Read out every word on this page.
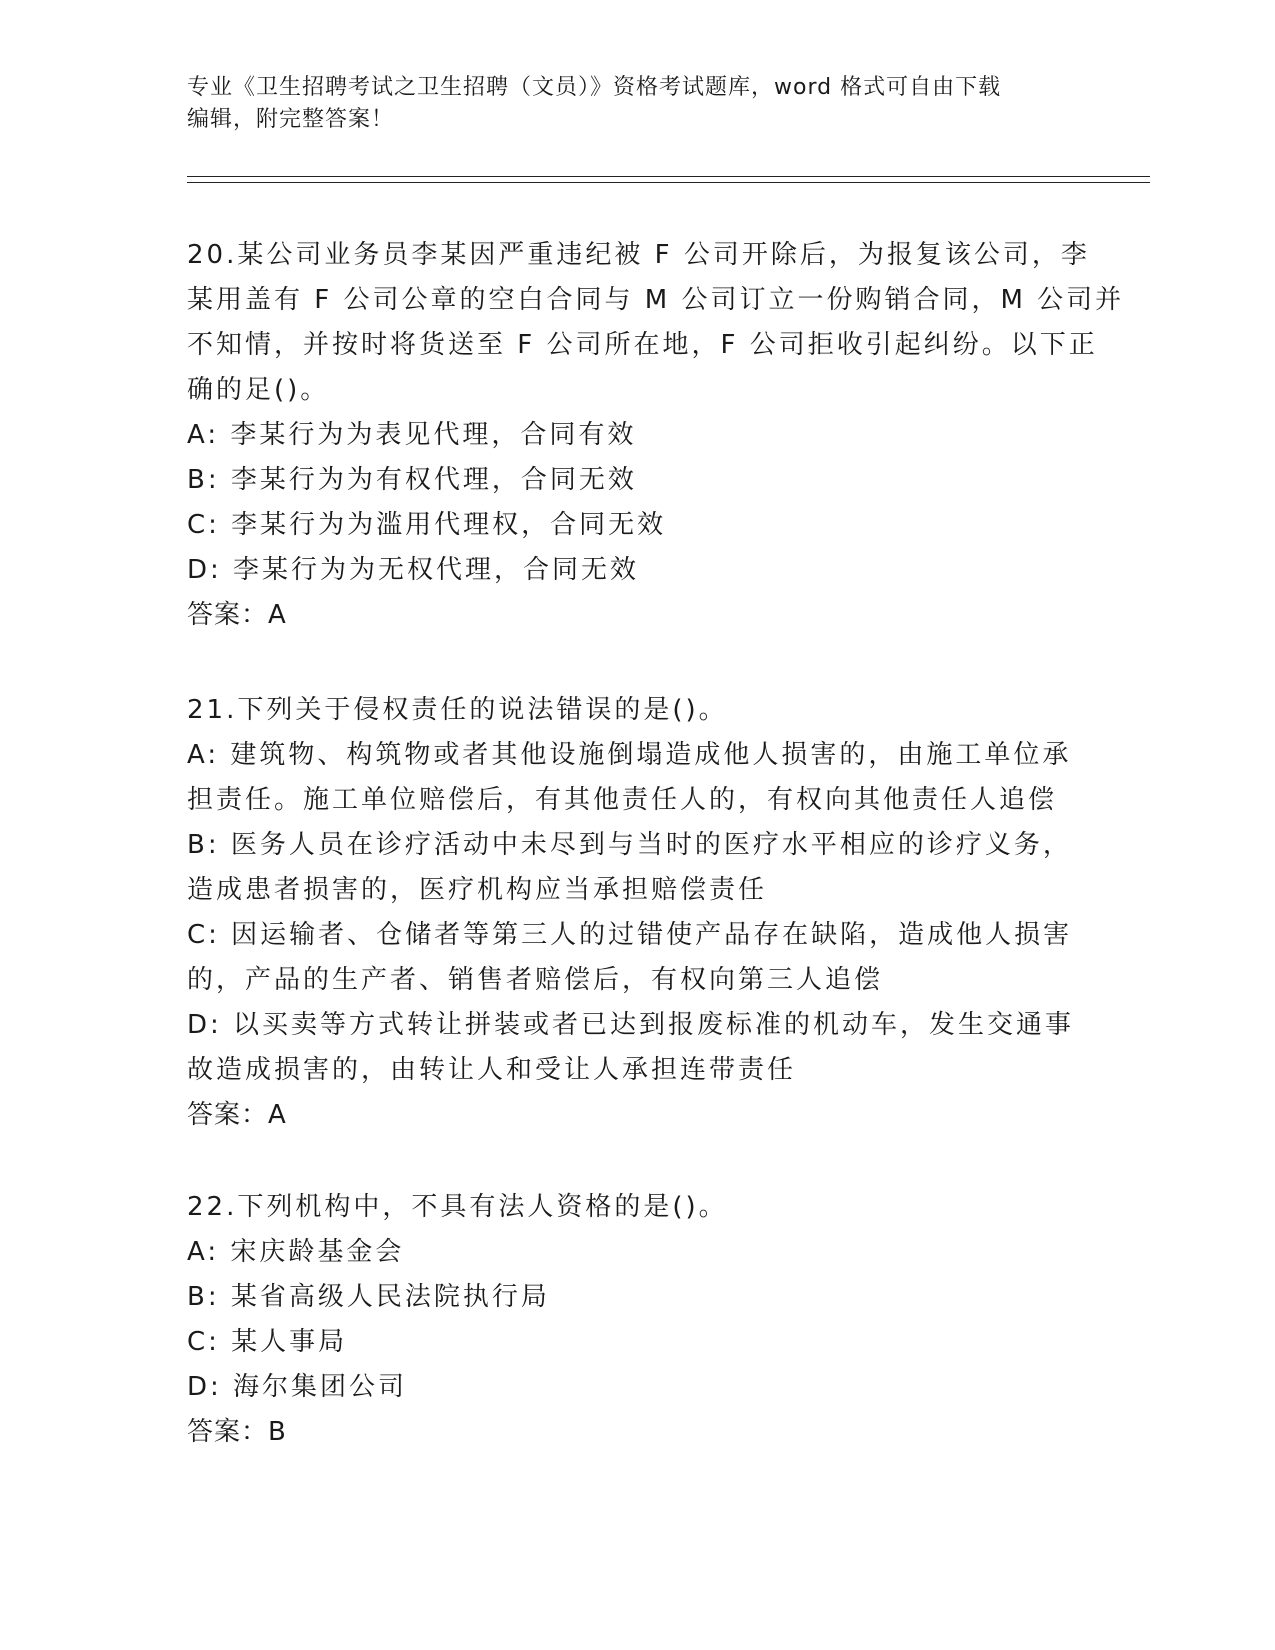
专业《卫生招聘考试之卫生招聘（文员）》资格考试题库，word 格式可自由下载
编辑，附完整答案！
20.某公司业务员李某因严重违纪被 F 公司开除后，为报复该公司，李
某用盖有 F 公司公章的空白合同与 M 公司订立一份购销合同，M 公司并
不知情，并按时将货送至 F 公司所在地，F 公司拒收引起纠纷。以下正
确的足()。
A: 李某行为为表见代理，合同有效
B: 李某行为为有权代理，合同无效
C: 李某行为为滥用代理权，合同无效
D: 李某行为为无权代理，合同无效
答案：A
21.下列关于侵权责任的说法错误的是()。
A: 建筑物、构筑物或者其他设施倒塌造成他人损害的，由施工单位承
担责任。施工单位赔偿后，有其他责任人的，有权向其他责任人追偿
B: 医务人员在诊疗活动中未尽到与当时的医疗水平相应的诊疗义务，
造成患者损害的，医疗机构应当承担赔偿责任
C: 因运输者、仓储者等第三人的过错使产品存在缺陷，造成他人损害
的，产品的生产者、销售者赔偿后，有权向第三人追偿
D: 以买卖等方式转让拼装或者已达到报废标准的机动车，发生交通事
故造成损害的，由转让人和受让人承担连带责任
答案：A
22.下列机构中，不具有法人资格的是()。
A: 宋庆龄基金会
B: 某省高级人民法院执行局
C: 某人事局
D: 海尔集团公司
答案：B
